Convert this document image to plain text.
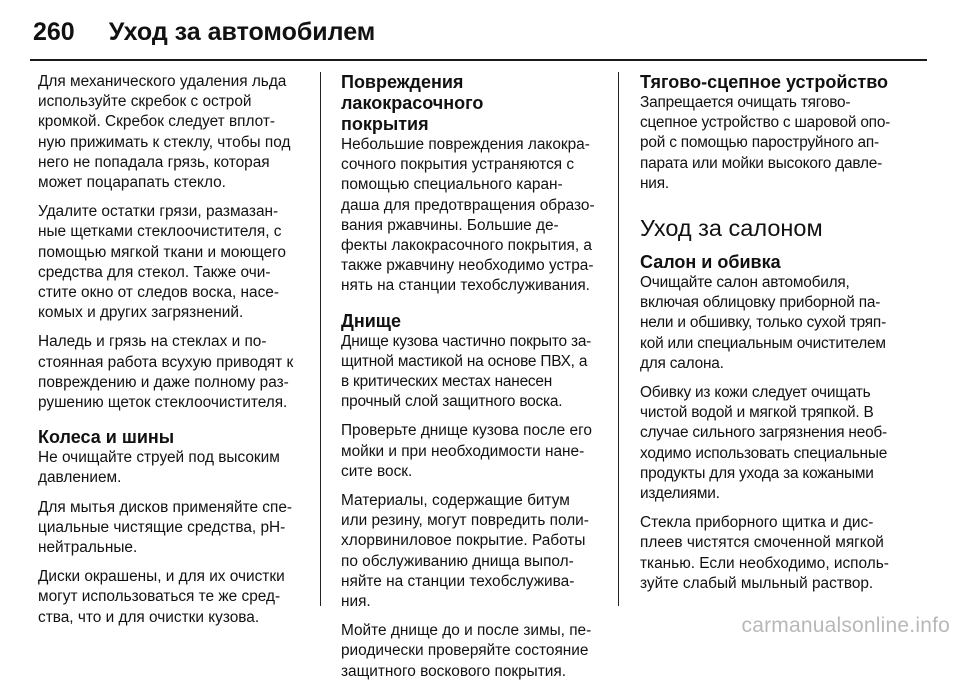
260 Уход за автомобилем

Для механического удаления льда
используйте скребок с острой
кромкой. Скребок следует вплот-
ную прижимать к стеклу, чтобы под
него не попадала грязь, которая
может поцарапать стекло.

Удалите остатки грязи, размазан-
ные щетками стеклоочистителя, с
помощью мягкой ткани и моющего
средства для стекол. Также очи-
стите окно от следов воска, насе-
комых и других загрязнений.

Наледь и грязь на стеклах и по-
стоянная работа всухую приводят к
повреждению и даже полному раз-
рушению щеток стеклоочистителя.

Колеса и шины

Не очищайте струей под высоким
давлением.

Для мытья дисков применяйте спе-
циальные чистящие средства, pH-
нейтральные.

Диски окрашены, и для их очистки
могут использоваться те же сред-
ства, что и для очистки кузова.

Повреждения лакокрасочного
покрытия

Небольшие повреждения лакокра-
сочного покрытия устраняются с
помощью специального каран-
даша для предотвращения образо-
вания ржавчины. Большие де-
фекты лакокрасочного покрытия, а
также ржавчину необходимо устра-
нять на станции техобслуживания.

Днище

Днище кузова частично покрыто за-
щитной мастикой на основе ПВХ, а
в критических местах нанесен
прочный слой защитного воска.

Проверьте днище кузова после его
мойки и при необходимости нане-
сите воск.

Материалы, содержащие битум
или резину, могут повредить поли-
хлорвиниловое покрытие. Работы
по обслуживанию днища выпол-
няйте на станции техобслужива-
ния.

Мойте днище до и после зимы, пе-
риодически проверяйте состояние
защитного воскового покрытия.

Тягово-сцепное устройство

Запрещается очищать тягово-
сцепное устройство с шаровой опо-
рой с помощью пароструйного ап-
парата или мойки высокого давле-
ния.

Уход за салоном
Салон и обивка

Очищайте салон автомобиля,
включая облицовку приборной па-
нели и обшивку, только сухой тряп-
кой или специальным очистителем
для салона.

Обивку из кожи следует очищать
чистой водой и мягкой тряпкой. В
случае сильного загрязнения необ-
ходимо использовать специальные
продукты для ухода за кожаными
изделиями.

Стекла приборного щитка и дис-
плеев чистятся смоченной мягкой
тканью. Если необходимо, исполь-
зуйте слабый мыльный раствор.

carmanualsonline.info
